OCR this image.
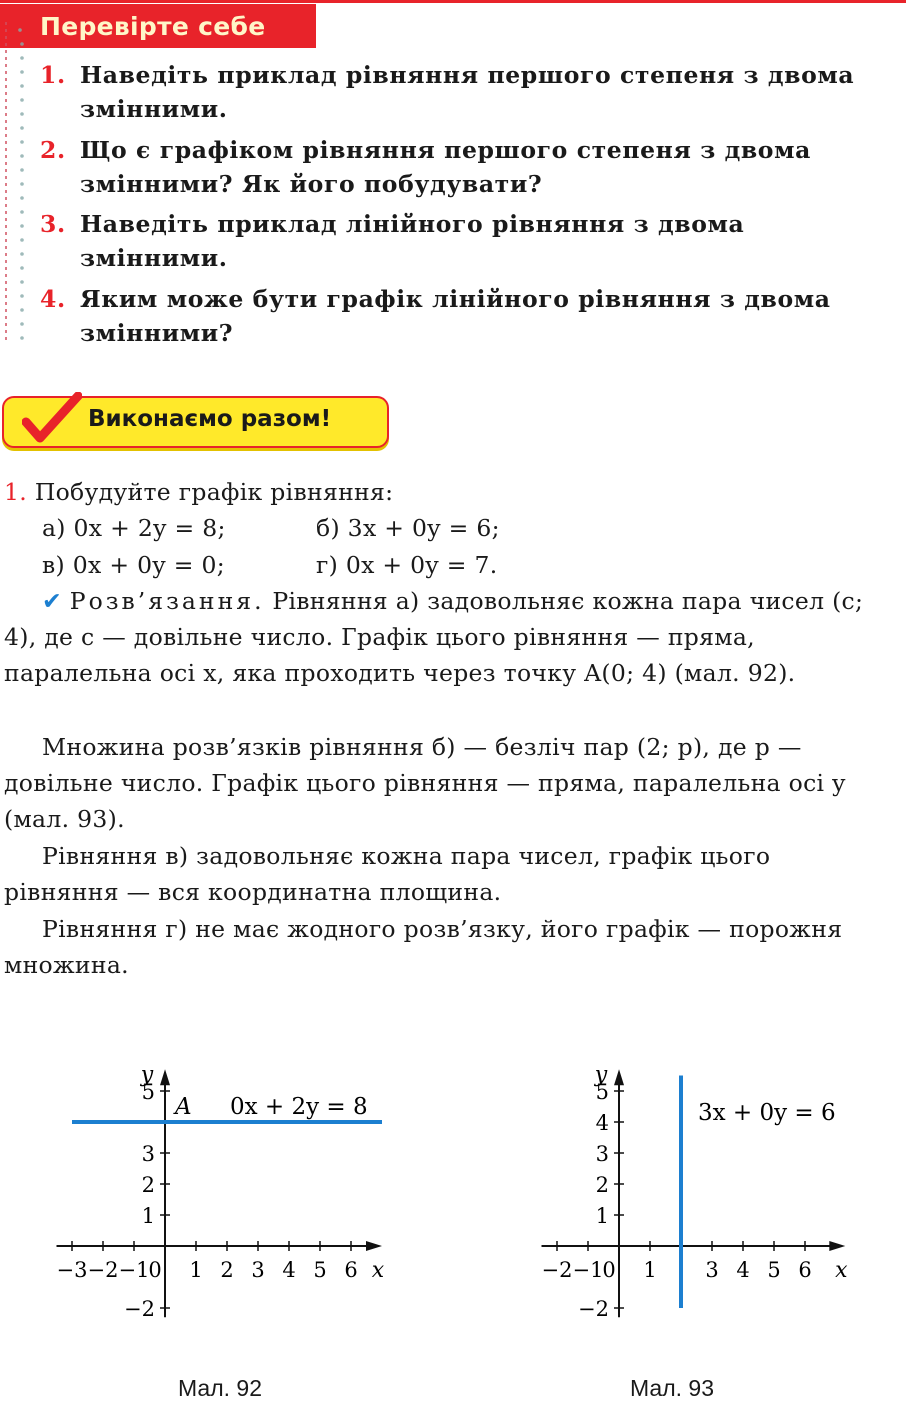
Перевірте себе
1. Наведіть приклад рівняння першого степеня з двома змінними.
2. Що є графіком рівняння першого степеня з двома змінними? Як його побудувати?
3. Наведіть приклад лінійного рівняння з двома змінними.
4. Яким може бути графік лінійного рівняння з двома змінними?
Виконаємо разом!
1. Побудуйте графік рівняння:
а) 0x + 2y = 8;	б) 3x + 0y = 6;
в) 0x + 0y = 0;	г) 0x + 0y = 7.
✔ Розв’язання. Рівняння а) задовольняє кожна пара чисел (c; 4), де c — довільне число. Графік цього рівняння — пряма, паралельна осі x, яка проходить через точку A(0; 4) (мал. 92).
Множина розв’язків рівняння б) — безліч пар (2; p), де p — довільне число. Графік цього рівняння — пряма, паралельна осі y (мал. 93).
Рівняння в) задовольняє кожна пара чисел, графік цього рівняння — вся координатна площина.
Рівняння г) не має жодного розв’язку, його графік — порожня множина.
x
y
−3 −2 −1
0 1 2 3 4 5 6
5
3
2
1
−2
0x + 2y = 8
A
x
y
−2 −1
0 1 3 4 5 6
5
4
3
2
1
−2
3x + 0y = 6
Мал. 92	Мал. 93
